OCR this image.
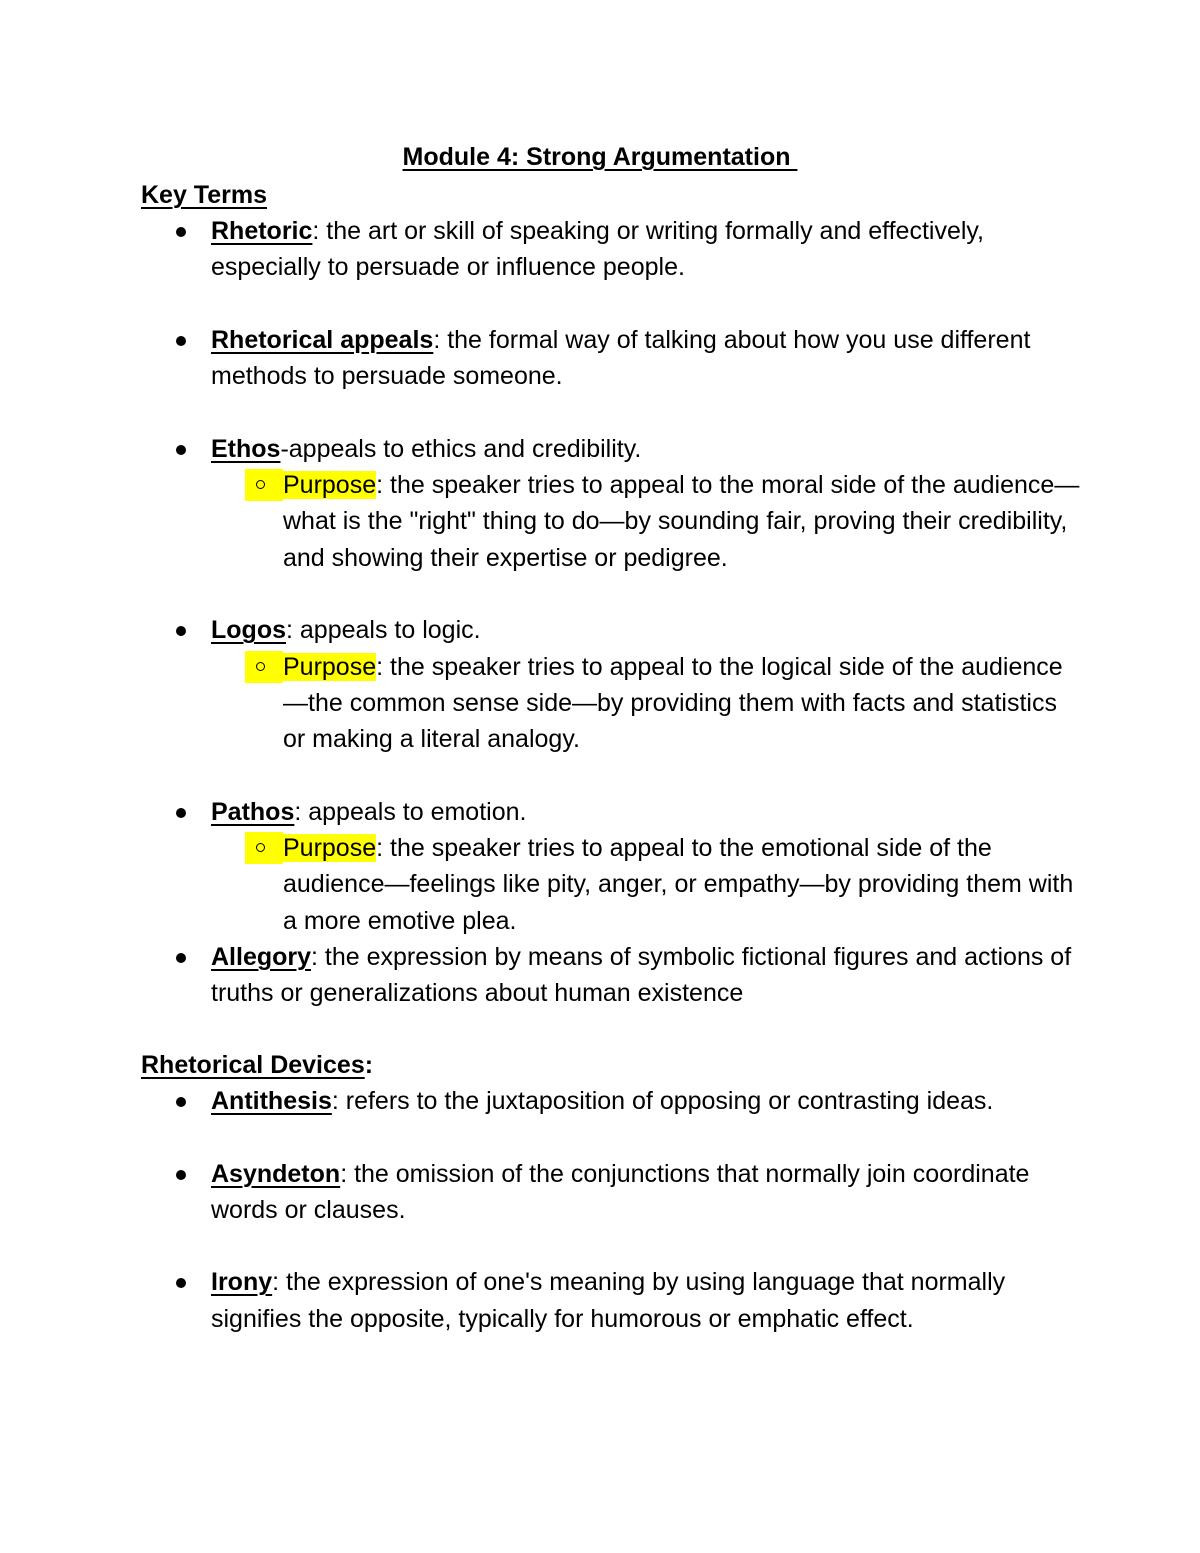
Module 4: Strong Argumentation
Key Terms
Rhetoric: the art or skill of speaking or writing formally and effectively, especially to persuade or influence people.
Rhetorical appeals: the formal way of talking about how you use different methods to persuade someone.
Ethos-appeals to ethics and credibility.
Purpose: the speaker tries to appeal to the moral side of the audience—what is the "right" thing to do—by sounding fair, proving their credibility, and showing their expertise or pedigree.
Logos: appeals to logic.
Purpose: the speaker tries to appeal to the logical side of the audience—the common sense side—by providing them with facts and statistics or making a literal analogy.
Pathos: appeals to emotion.
Purpose: the speaker tries to appeal to the emotional side of the audience—feelings like pity, anger, or empathy—by providing them with a more emotive plea.
Allegory: the expression by means of symbolic fictional figures and actions of truths or generalizations about human existence
Rhetorical Devices:
Antithesis: refers to the juxtaposition of opposing or contrasting ideas.
Asyndeton: the omission of the conjunctions that normally join coordinate words or clauses.
Irony: the expression of one's meaning by using language that normally signifies the opposite, typically for humorous or emphatic effect.
